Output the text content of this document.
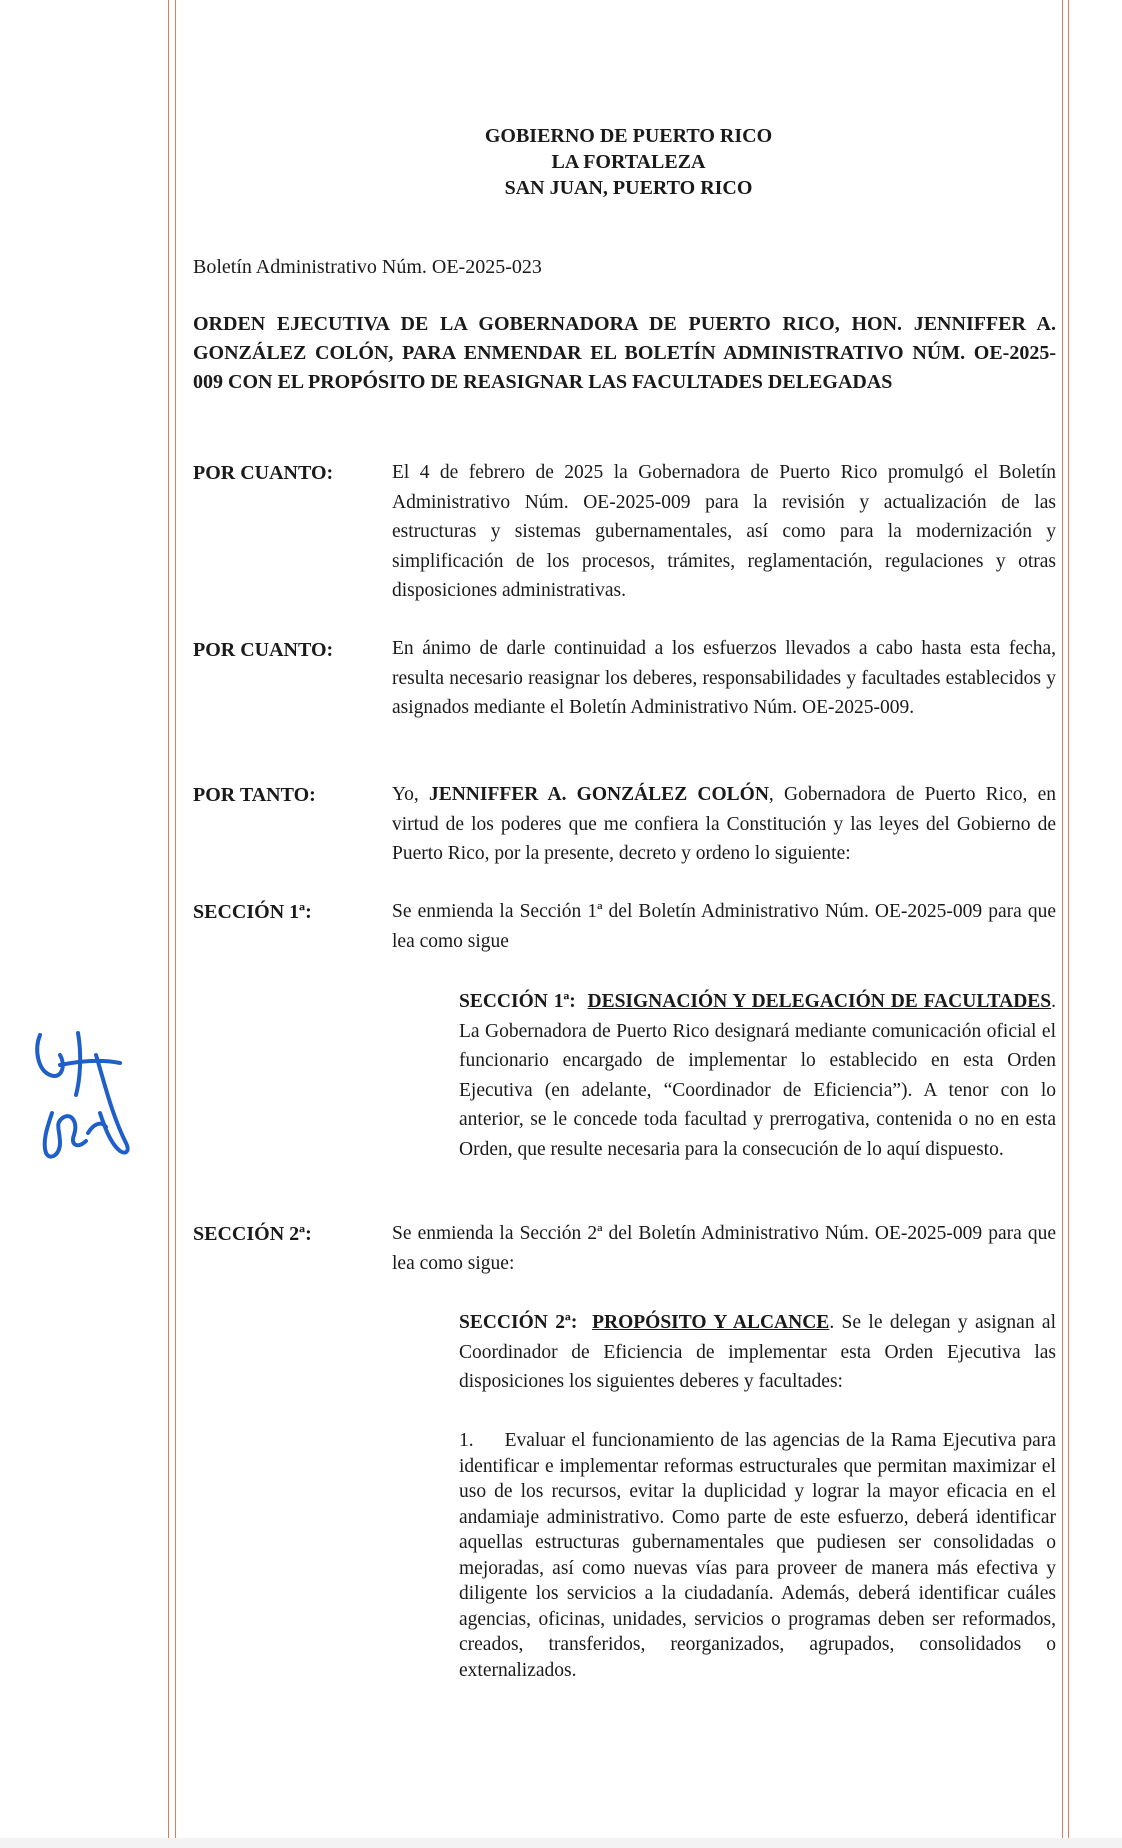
GOBIERNO DE PUERTO RICO
LA FORTALEZA
SAN JUAN, PUERTO RICO
Boletín Administrativo Núm. OE-2025-023
ORDEN EJECUTIVA DE LA GOBERNADORA DE PUERTO RICO, HON. JENNIFFER A. GONZÁLEZ COLÓN, PARA ENMENDAR EL BOLETÍN ADMINISTRATIVO NÚM. OE-2025-009 CON EL PROPÓSITO DE REASIGNAR LAS FACULTADES DELEGADAS
POR CUANTO:	El 4 de febrero de 2025 la Gobernadora de Puerto Rico promulgó el Boletín Administrativo Núm. OE-2025-009 para la revisión y actualización de las estructuras y sistemas gubernamentales, así como para la modernización y simplificación de los procesos, trámites, reglamentación, regulaciones y otras disposiciones administrativas.
POR CUANTO:	En ánimo de darle continuidad a los esfuerzos llevados a cabo hasta esta fecha, resulta necesario reasignar los deberes, responsabilidades y facultades establecidos y asignados mediante el Boletín Administrativo Núm. OE-2025-009.
POR TANTO:	Yo, JENNIFFER A. GONZÁLEZ COLÓN, Gobernadora de Puerto Rico, en virtud de los poderes que me confiera la Constitución y las leyes del Gobierno de Puerto Rico, por la presente, decreto y ordeno lo siguiente:
SECCIÓN 1ª:	Se enmienda la Sección 1ª del Boletín Administrativo Núm. OE-2025-009 para que lea como sigue
SECCIÓN 1ª: DESIGNACIÓN Y DELEGACIÓN DE FACULTADES. La Gobernadora de Puerto Rico designará mediante comunicación oficial el funcionario encargado de implementar lo establecido en esta Orden Ejecutiva (en adelante, “Coordinador de Eficiencia”). A tenor con lo anterior, se le concede toda facultad y prerrogativa, contenida o no en esta Orden, que resulte necesaria para la consecución de lo aquí dispuesto.
SECCIÓN 2ª:	Se enmienda la Sección 2ª del Boletín Administrativo Núm. OE-2025-009 para que lea como sigue:
SECCIÓN 2ª: PROPÓSITO Y ALCANCE. Se le delegan y asignan al Coordinador de Eficiencia de implementar esta Orden Ejecutiva las disposiciones los siguientes deberes y facultades:
1. Evaluar el funcionamiento de las agencias de la Rama Ejecutiva para identificar e implementar reformas estructurales que permitan maximizar el uso de los recursos, evitar la duplicidad y lograr la mayor eficacia en el andamiaje administrativo. Como parte de este esfuerzo, deberá identificar aquellas estructuras gubernamentales que pudiesen ser consolidadas o mejoradas, así como nuevas vías para proveer de manera más efectiva y diligente los servicios a la ciudadanía. Además, deberá identificar cuáles agencias, oficinas, unidades, servicios o programas deben ser reformados, creados, transferidos, reorganizados, agrupados, consolidados o externalizados.
